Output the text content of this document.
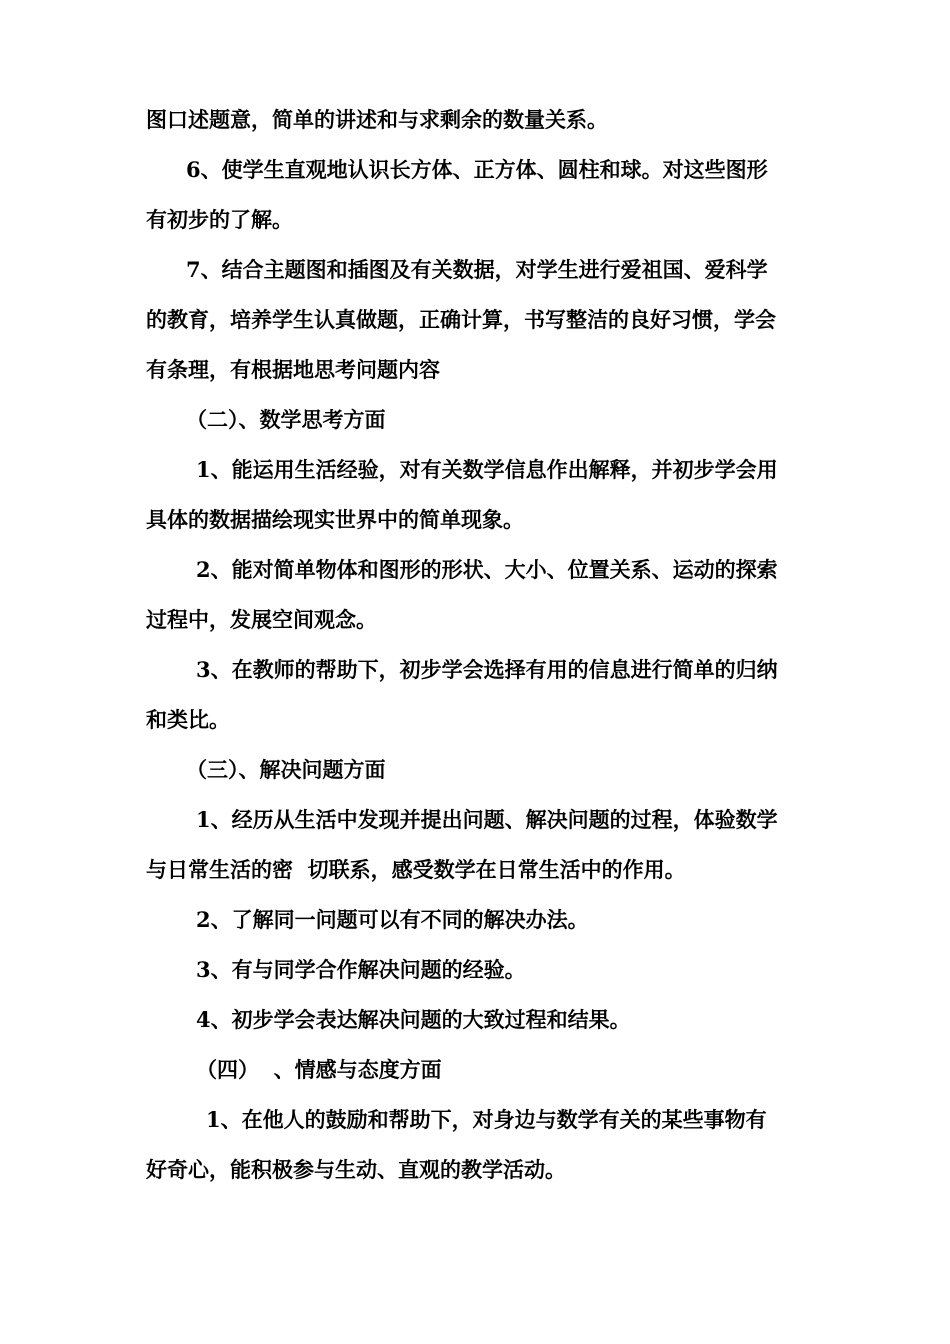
图口述题意，简单的讲述和与求剩余的数量关系。
6、使学生直观地认识长方体、正方体、圆柱和球。对这些图形
有初步的了解。
7、结合主题图和插图及有关数据，对学生进行爱祖国、爱科学
的教育，培养学生认真做题，正确计算，书写整洁的良好习惯，学会
有条理，有根据地思考问题内容
（二）、数学思考方面
1、能运用生活经验，对有关数学信息作出解释，并初步学会用
具体的数据描绘现实世界中的简单现象。
2、能对简单物体和图形的形状、大小、位置关系、运动的探索
过程中，发展空间观念。
3、在教师的帮助下，初步学会选择有用的信息进行简单的归纳
和类比。
（三）、解决问题方面
1、经历从生活中发现并提出问题、解决问题的过程，体验数学
与日常生活的密  切联系，感受数学在日常生活中的作用。
2、了解同一问题可以有不同的解决办法。
3、有与同学合作解决问题的经验。
4、初步学会表达解决问题的大致过程和结果。
（四）  、情感与态度方面
1、在他人的鼓励和帮助下，对身边与数学有关的某些事物有
好奇心，能积极参与生动、直观的教学活动。
